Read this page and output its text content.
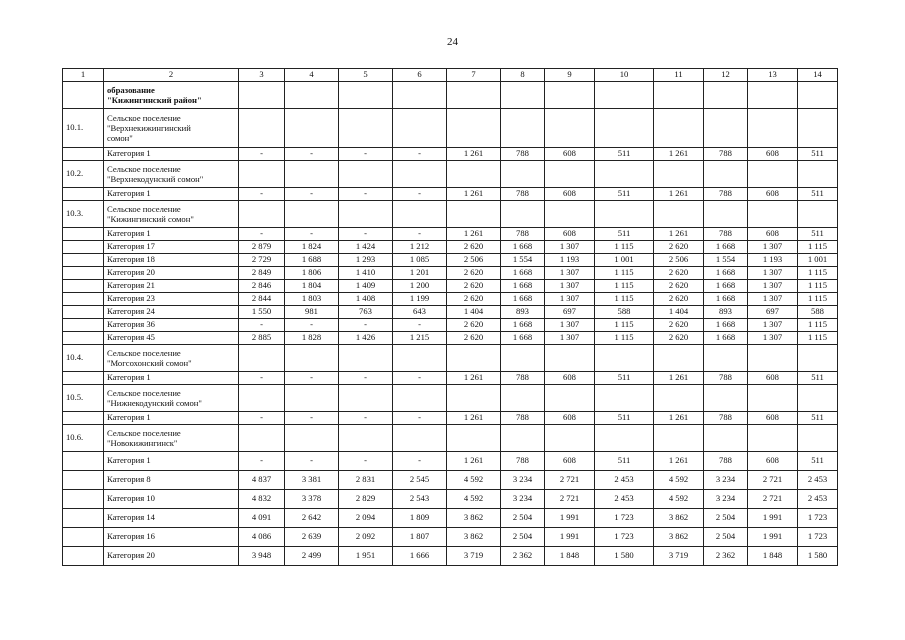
24
1	2	3	4	5	6	7	8	9	10	11	12	13	14

	образование
"Кижингинский район"												

10.1.	Сельское поселение
"Верхнекижингинский
сомон"												

	Категория 1	-	-	-	-	1 261	788	608	511	1 261	788	608	511
10.2.	Сельское поселение
"Верхнекодунский сомон"												

	Категория 1	-	-	-	-	1 261	788	608	511	1 261	788	608	511
10.3.	Сельское поселение
"Кижингинский сомон"												

	Категория 1	-	-	-	-	1 261	788	608	511	1 261	788	608	511
	Категория 17	2 879	1 824	1 424	1 212	2 620	1 668	1 307	1 115	2 620	1 668	1 307	1 115
	Категория 18	2 729	1 688	1 293	1 085	2 506	1 554	1 193	1 001	2 506	1 554	1 193	1 001
	Категория 20	2 849	1 806	1 410	1 201	2 620	1 668	1 307	1 115	2 620	1 668	1 307	1 115
	Категория 21	2 846	1 804	1 409	1 200	2 620	1 668	1 307	1 115	2 620	1 668	1 307	1 115
	Категория 23	2 844	1 803	1 408	1 199	2 620	1 668	1 307	1 115	2 620	1 668	1 307	1 115
	Категория 24	1 550	981	763	643	1 404	893	697	588	1 404	893	697	588
	Категория 36	-	-	-	-	2 620	1 668	1 307	1 115	2 620	1 668	1 307	1 115
	Категория 45	2 885	1 828	1 426	1 215	2 620	1 668	1 307	1 115	2 620	1 668	1 307	1 115
10.4.	Сельское поселение
"Могсохонский сомон"												

	Категория 1	-	-	-	-	1 261	788	608	511	1 261	788	608	511
10.5.	Сельское поселение
"Нижнекодунский сомон"												

	Категория 1	-	-	-	-	1 261	788	608	511	1 261	788	608	511
10.6.	Сельское поселение
"Новокижингинск"												

	Категория 1	-	-	-	-	1 261	788	608	511	1 261	788	608	511
	Категория 8	4 837	3 381	2 831	2 545	4 592	3 234	2 721	2 453	4 592	3 234	2 721	2 453
	Категория 10	4 832	3 378	2 829	2 543	4 592	3 234	2 721	2 453	4 592	3 234	2 721	2 453
	Категория 14	4 091	2 642	2 094	1 809	3 862	2 504	1 991	1 723	3 862	2 504	1 991	1 723
	Категория 16	4 086	2 639	2 092	1 807	3 862	2 504	1 991	1 723	3 862	2 504	1 991	1 723
	Категория 20	3 948	2 499	1 951	1 666	3 719	2 362	1 848	1 580	3 719	2 362	1 848	1 580
